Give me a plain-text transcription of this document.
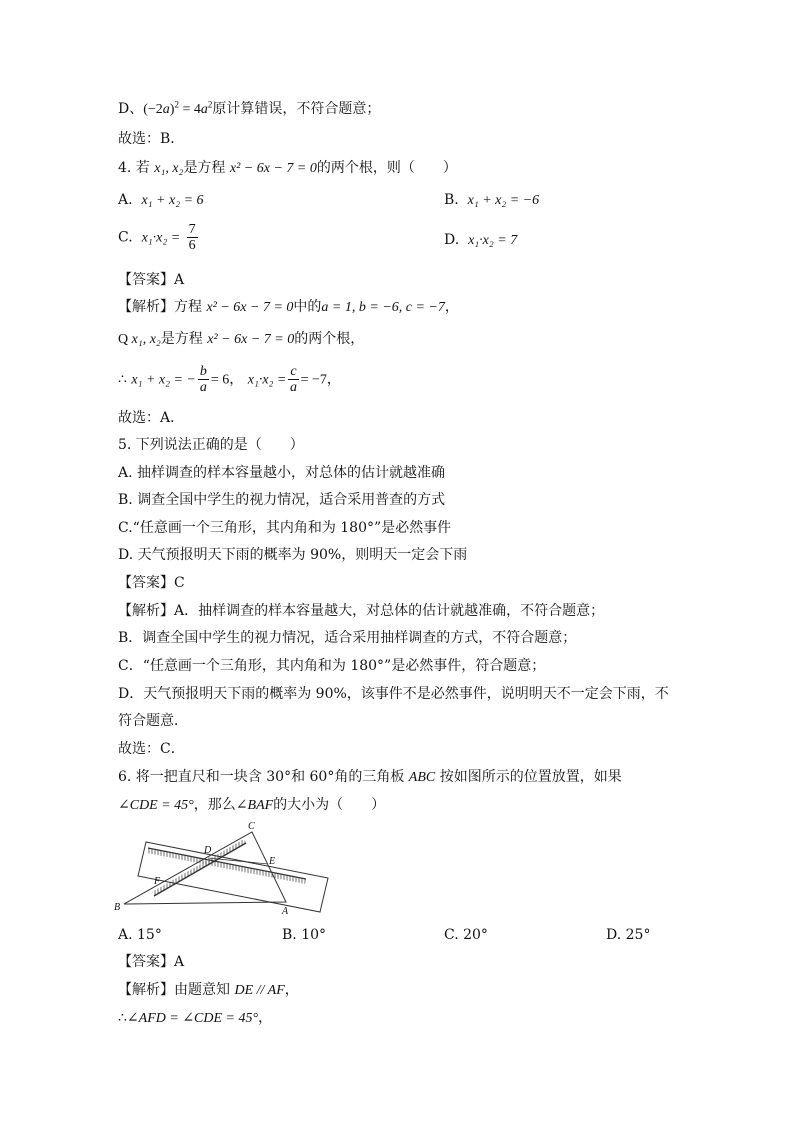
D、$(-2a)^2 = 4a^2$原计算错误，不符合题意；
故选：B．
4. 若 x₁, x₂是方程 x² − 6x − 7 = 0的两个根，则（　　）
A. x₁ + x₂ = 6	B. x₁ + x₂ = −6
C. $x_1\cdot x_2 = \frac{7}{6}$	D. x₁·x₂ = 7
【答案】A
【解析】方程 x² − 6x − 7 = 0中的a = 1, b = −6, c = −7，
Q x₁, x₂是方程 x² − 6x − 7 = 0的两个根，
∴ x₁ + x₂ = − $\frac{b}{a} = 6$， $x_1\cdot x_2 = \frac{c}{a} = -7$，
故选：A．
5. 下列说法正确的是（　　）
A. 抽样调查的样本容量越小，对总体的估计就越准确
B. 调查全国中学生的视力情况，适合采用普查的方式
C.“任意画一个三角形，其内角和为 180°”是必然事件
D. 天气预报明天下雨的概率为 90%，则明天一定会下雨
【答案】C
【解析】A．抽样调查的样本容量越大，对总体的估计就越准确，不符合题意；
B．调查全国中学生的视力情况，适合采用抽样调查的方式，不符合题意；
C．“任意画一个三角形，其内角和为 180°”是必然事件，符合题意；
D．天气预报明天下雨的概率为 90%，该事件不是必然事件，说明明天不一定会下雨，不
符合题意．
故选：C．
6. 将一把直尺和一块含 30°和 60°角的三角板 ABC 按如图所示的位置放置，如果
∠CDE = 45°，那么∠BAF的大小为（　　）
C
D
E
F
B	A
A. 15°	B. 10°	C. 20°	D. 25°
【答案】A
【解析】由题意知 DE // AF，
∴∠AFD = ∠CDE = 45°，
